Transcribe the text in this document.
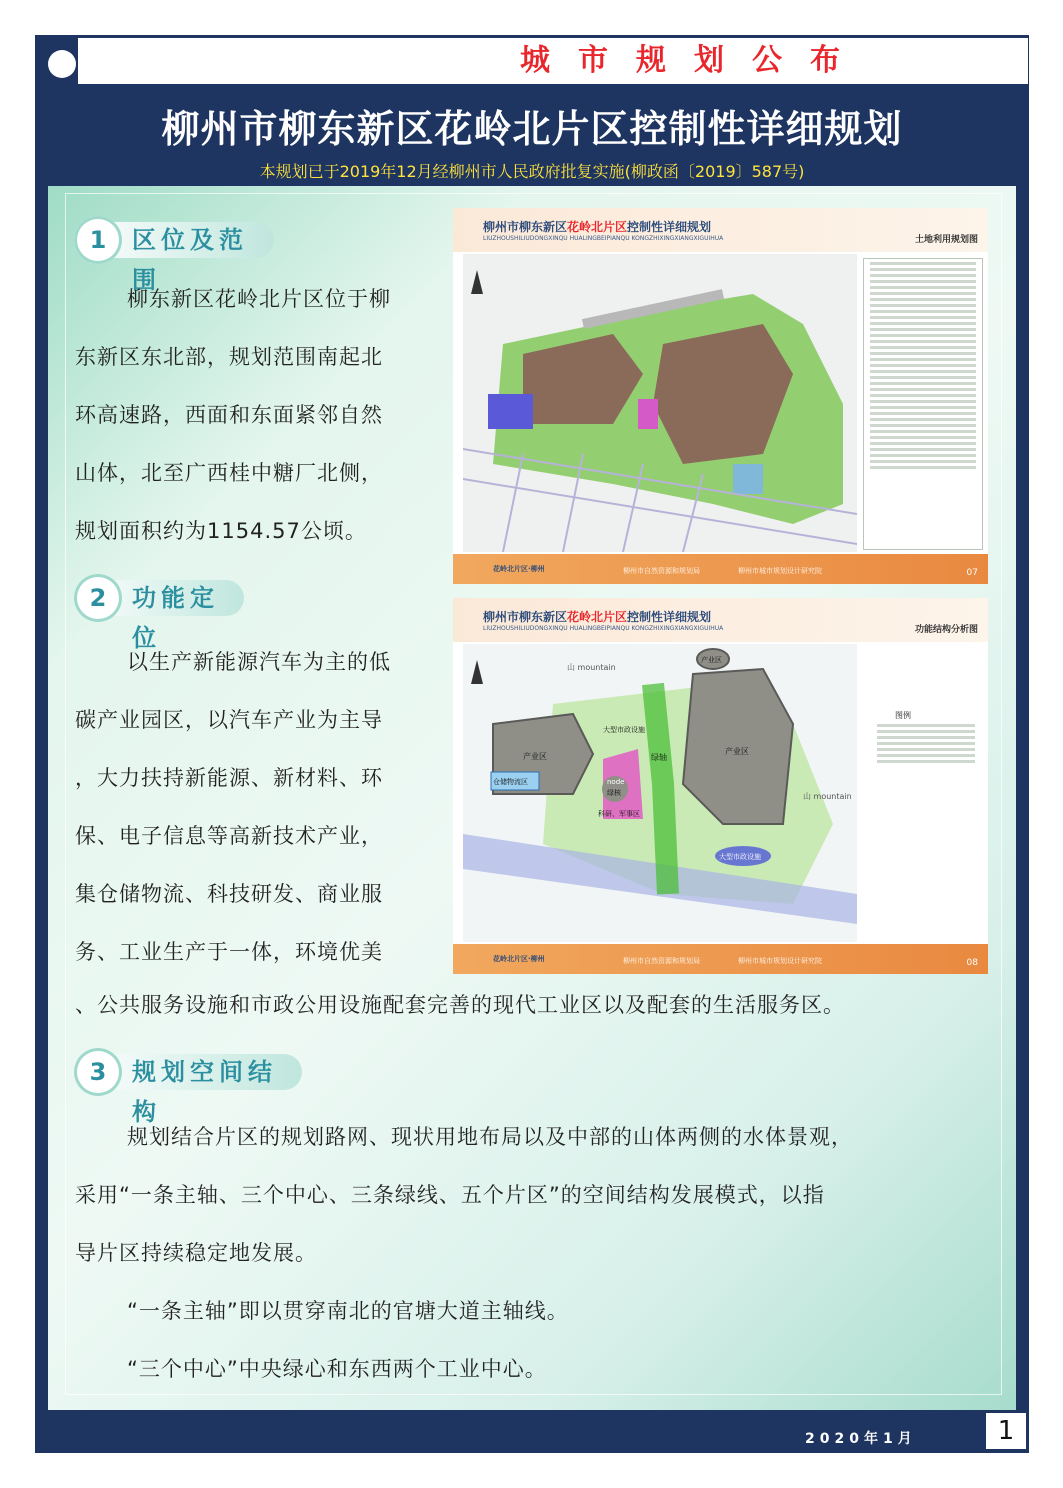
城市规划公布
柳州市柳东新区花岭北片区控制性详细规划
本规划已于2019年12月经柳州市人民政府批复实施(柳政函〔2019〕587号)
1	区位及范围
柳东新区花岭北片区位于柳
东新区东北部，规划范围南起北
环高速路，西面和东面紧邻自然
山体，北至广西桂中糖厂北侧，
规划面积约为1154.57公顷。
2	功能定位
以生产新能源汽车为主的低
碳产业园区，以汽车产业为主导
，大力扶持新能源、新材料、环
保、电子信息等高新技术产业，
集仓储物流、科技研发、商业服
务、工业生产于一体，环境优美
、公共服务设施和市政公用设施配套完善的现代工业区以及配套的生活服务区。
3	规划空间结构
规划结合片区的规划路网、现状用地布局以及中部的山体两侧的水体景观，
采用“一条主轴、三个中心、三条绿线、五个片区”的空间结构发展模式，以指
导片区持续稳定地发展。
“一条主轴”即以贯穿南北的官塘大道主轴线。
“三个中心”中央绿心和东西两个工业中心。
柳州市柳东新区花岭北片区控制性详细规划
LIUZHOUSHILIUDONGXINQU HUALINGBEIPIANQU KONGZHIXINGXIANGXIGUIHUA	土地利用规划图
花岭北片区·柳州	柳州市自然资源和规划局	柳州市城市规划设计研究院	07
柳州市柳东新区花岭北片区控制性详细规划
LIUZHOUSHILIUDONGXINQU HUALINGBEIPIANQU KONGZHIXINGXIANGXIGUIHUA	功能结构分析图
山 mountain
山 mountain
产业区
产业区
产业区
仓储物流区	node
绿核
科研、军事区
绿轴
大型市政设施
大型市政设施
图例
花岭北片区·柳州	柳州市自然资源和规划局	柳州市城市规划设计研究院	08
2020年1月	1
